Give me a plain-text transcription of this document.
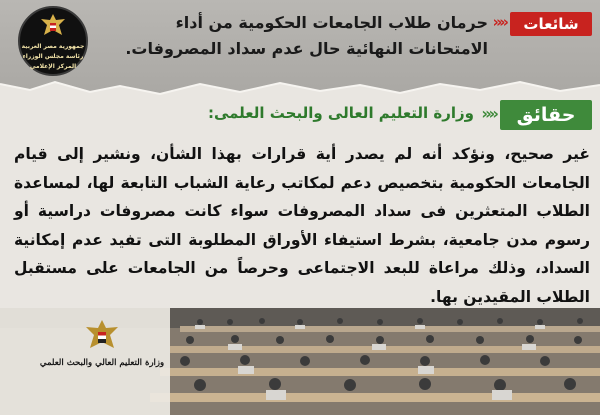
جمهورية مصر العربية
رئاسة مجلس الوزراء
المركز الإعلامي
شائعات
»»
حرمان طلاب الجامعات الحكومية من أداء الامتحانات النهائية حال عدم سداد المصروفات.
حقائق
»»
وزارة التعليم العالى والبحث العلمى:
غير صحيح، ونؤكد أنه لم يصدر أية قرارات بهذا الشأن، ونشير إلى قيام الجامعات الحكومية بتخصيص دعم لمكاتب رعاية الشباب التابعة لها، لمساعدة الطلاب المتعثرين فى سداد المصروفات سواء كانت مصروفات دراسية أو رسوم مدن جامعية، بشرط استيفاء الأوراق المطلوبة التى تفيد عدم إمكانية السداد، وذلك مراعاة للبعد الاجتماعى وحرصاً من الجامعات على مستقبل الطلاب المقيدين بها.
وزارة التعليم العالي والبحث العلمي
